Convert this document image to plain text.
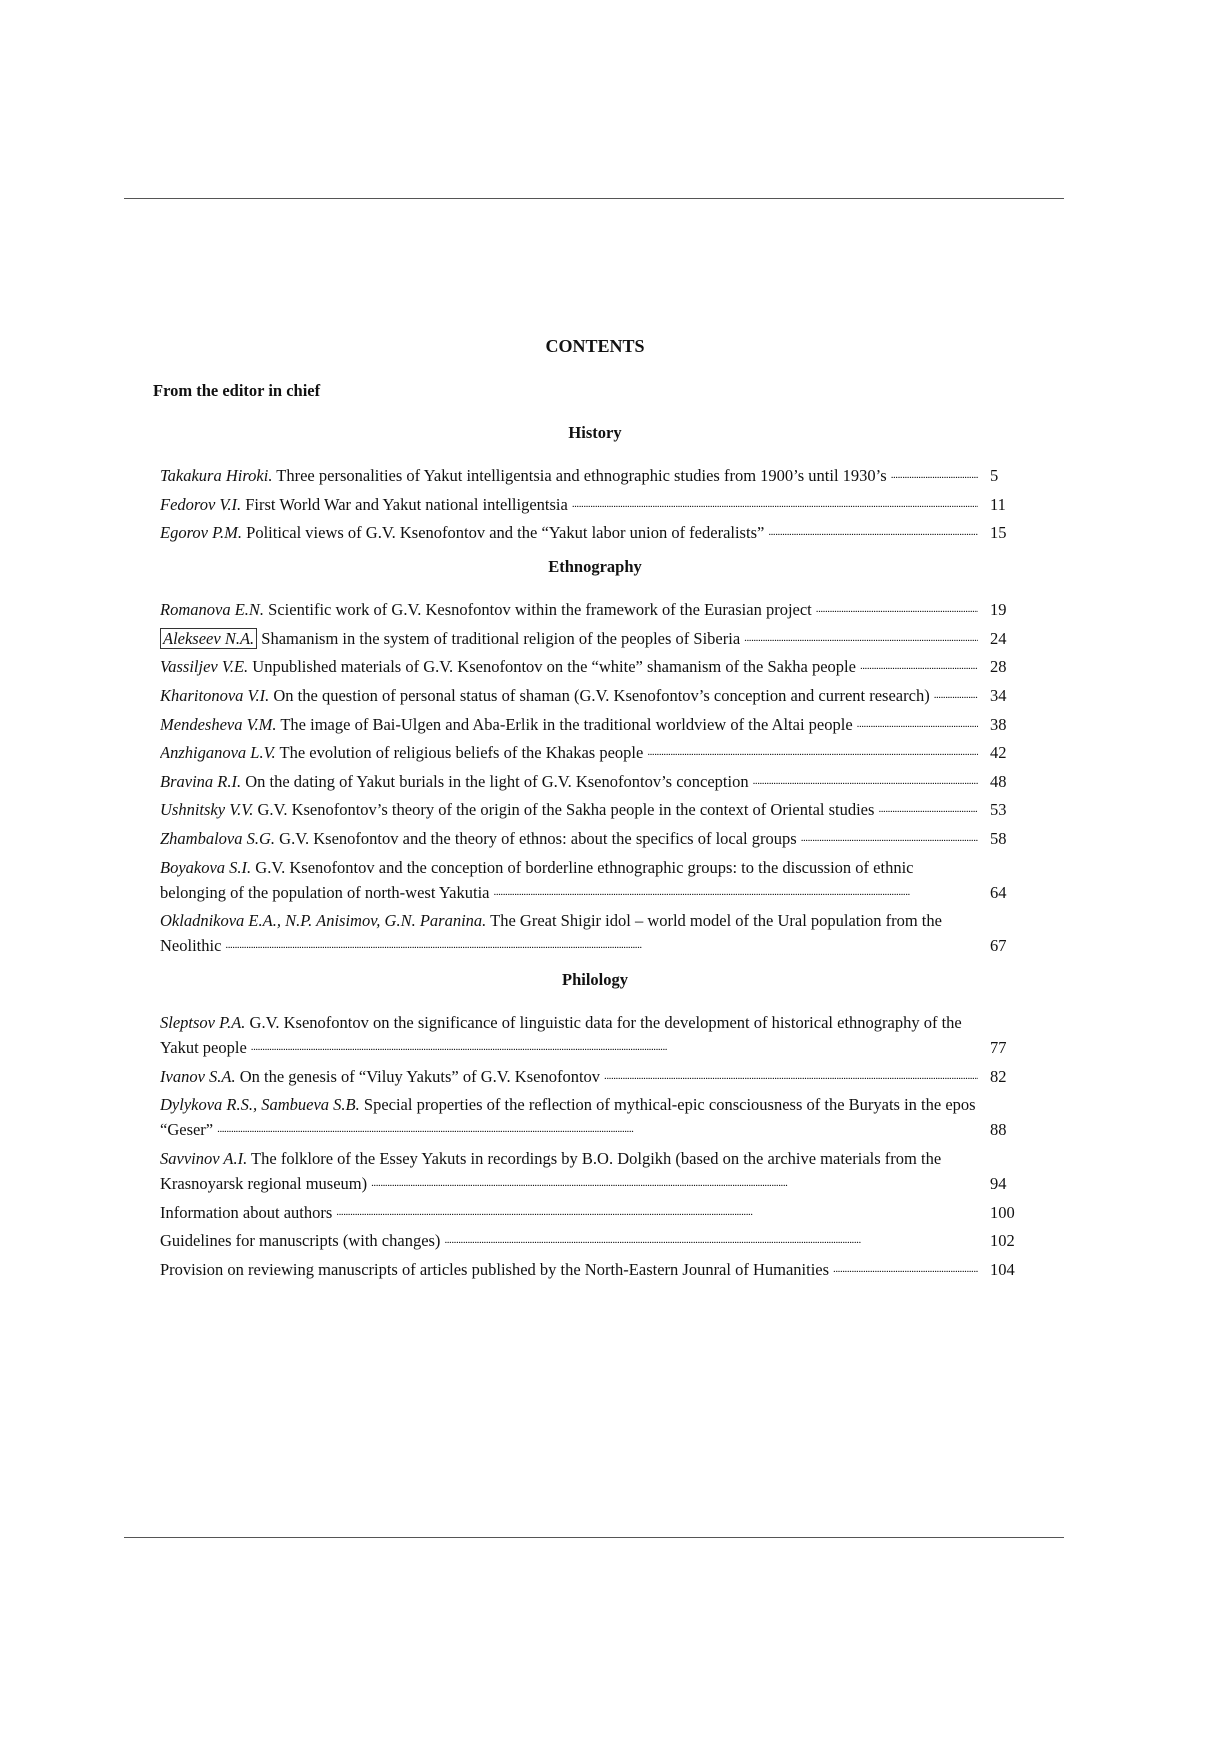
CONTENTS
From the editor in chief
History
Takakura Hiroki. Three personalities of Yakut intelligentsia and ethnographic studies from 1900’s until 1930’s . . .	5
Fedorov V.I. First World War and Yakut national intelligentsia . . .	11
Egorov P.M. Political views of G.V. Ksenofontov and the “Yakut labor union of federalists” . . .	15
Ethnography
Romanova E.N. Scientific work of G.V. Kesnofontov within the framework of the Eurasian project . . .	19
Alekseev N.A. Shamanism in the system of traditional religion of the peoples of Siberia . . .	24
Vassiljev V.E. Unpublished materials of G.V. Ksenofontov on the “white” shamanism of the Sakha people . . .	28
Kharitonova V.I. On the question of personal status of shaman (G.V. Ksenofontov’s conception and current research) . . .	34
Mendesheva V.M. The image of Bai-Ulgen and Aba-Erlik in the traditional worldview of the Altai people . . .	38
Anzhiganova L.V. The evolution of religious beliefs of the Khakas people . . .	42
Bravina R.I. On the dating of Yakut burials in the light of G.V. Ksenofontov’s conception . . .	48
Ushnitsky V.V. G.V. Ksenofontov’s theory of the origin of the Sakha people in the context of Oriental studies . . .	53
Zhambalova S.G. G.V. Ksenofontov and the theory of ethnos: about the specifics of local groups . . .	58
Boyakova S.I. G.V. Ksenofontov and the conception of borderline ethnographic groups: to the discussion of ethnic belonging of the population of north-west Yakutia . . .	64
Okladnikova E.A., N.P. Anisimov, G.N. Paranina. The Great Shigir idol – world model of the Ural population from the Neolithic . . .	67
Philology
Sleptsov P.A. G.V. Ksenofontov on the significance of linguistic data for the development of historical ethnography of the Yakut people . . .	77
Ivanov S.A. On the genesis of “Viluy Yakuts” of G.V. Ksenofontov . . .	82
Dylykova R.S., Sambueva S.B. Special properties of the reflection of mythical-epic consciousness of the Buryats in the epos “Geser” . . .	88
Savvinov A.I. The folklore of the Essey Yakuts in recordings by B.O. Dolgikh (based on the archive materials from the Krasnoyarsk regional museum) . . .	94
Information about authors . . .	100
Guidelines for manuscripts (with changes) . . .	102
Provision on reviewing manuscripts of articles published by the North-Eastern Jounral of Humanities . . .	104
